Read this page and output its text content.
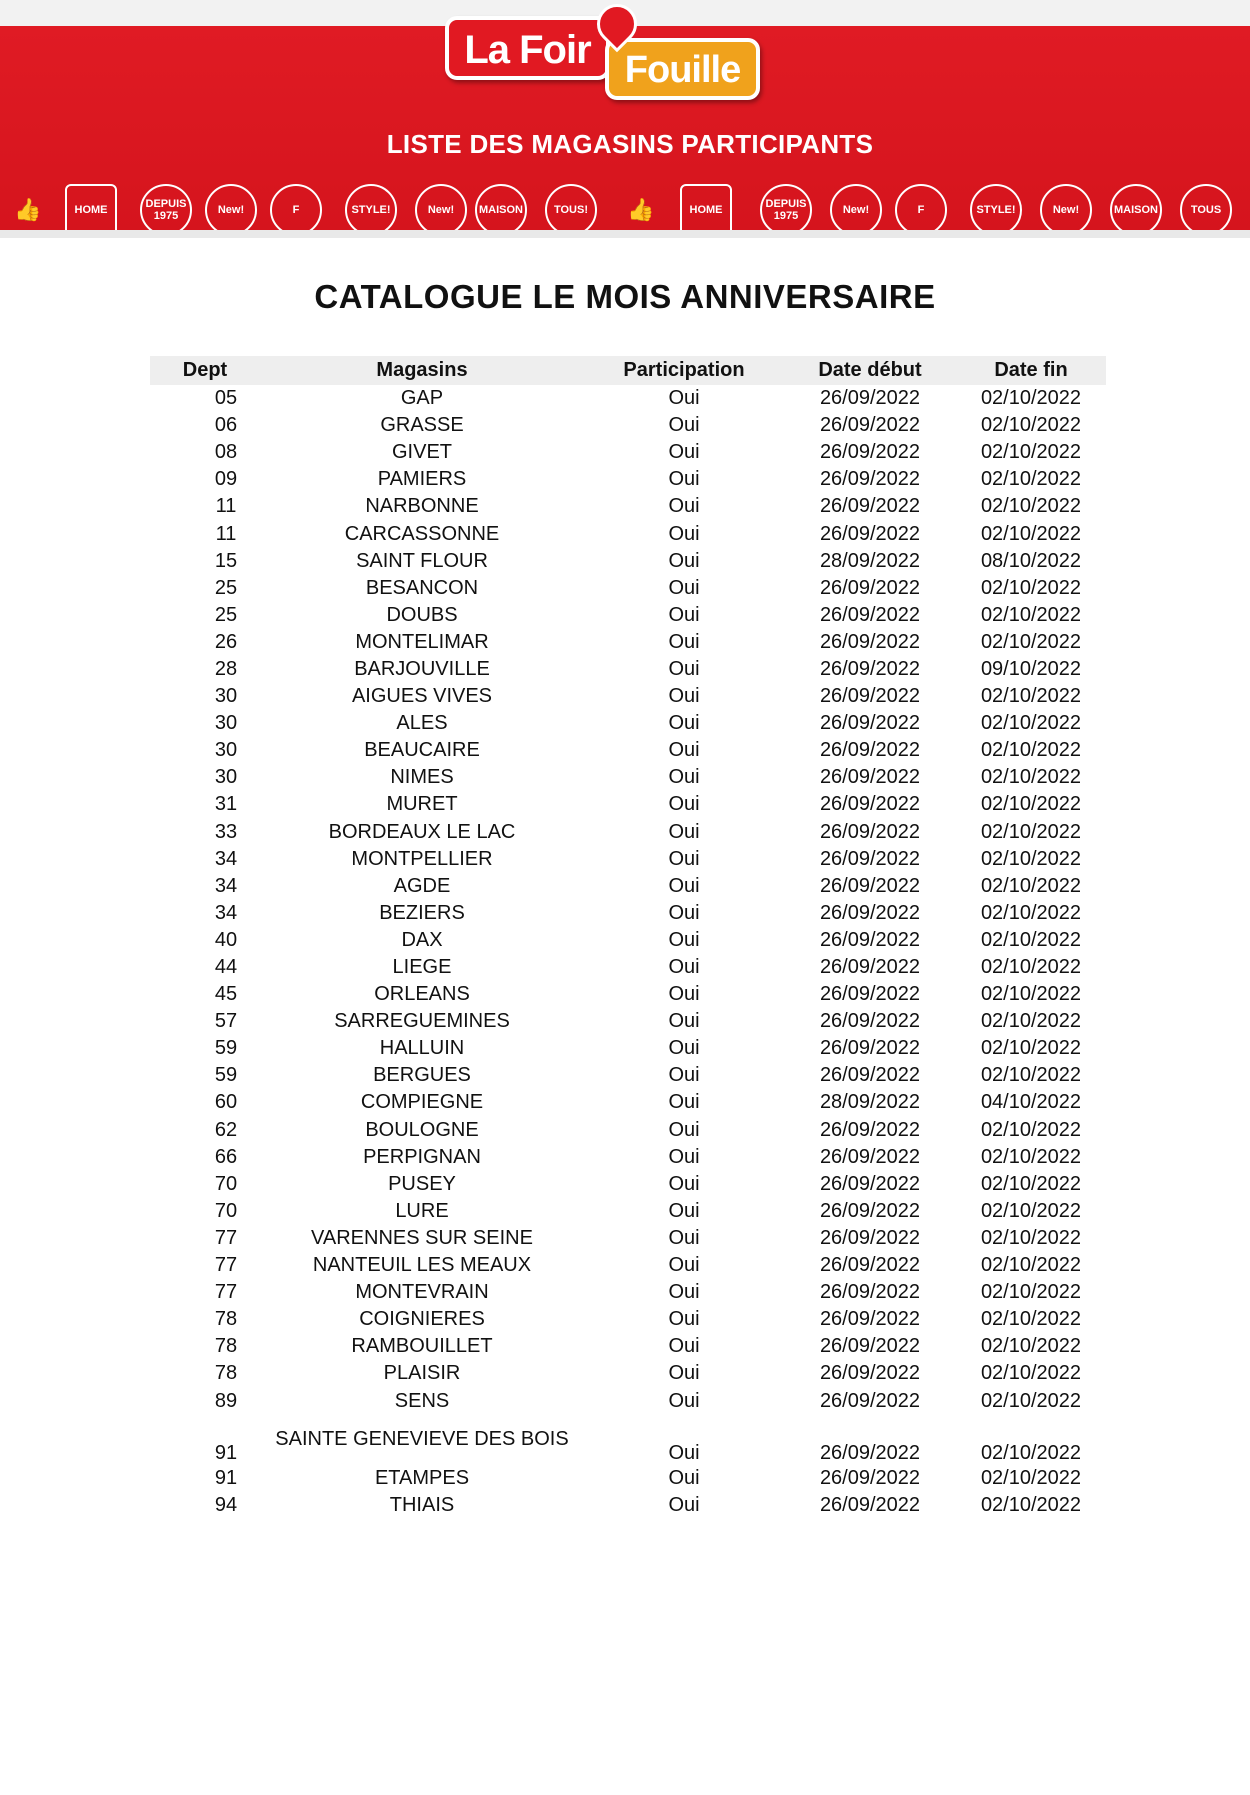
LISTE DES MAGASINS PARTICIPANTS
👍	HOME	DEPUIS 1975	New!	F	STYLE!	New! MAISON	TOUS! 👍	HOME	DEPUIS 1975	New!	F	STYLE!	New!	MAISON	TOUS
La Foir Fouille
CATALOGUE LE MOIS ANNIVERSAIRE
Dept	Magasins	Participation	Date début	Date fin
05	GAP	Oui	26/09/2022	02/10/2022
06	GRASSE	Oui	26/09/2022	02/10/2022
08	GIVET	Oui	26/09/2022	02/10/2022
09	PAMIERS	Oui	26/09/2022	02/10/2022
11	NARBONNE	Oui	26/09/2022	02/10/2022
11	CARCASSONNE	Oui	26/09/2022	02/10/2022
15	SAINT FLOUR	Oui	28/09/2022	08/10/2022
25	BESANCON	Oui	26/09/2022	02/10/2022
25	DOUBS	Oui	26/09/2022	02/10/2022
26	MONTELIMAR	Oui	26/09/2022	02/10/2022
28	BARJOUVILLE	Oui	26/09/2022	09/10/2022
30	AIGUES VIVES	Oui	26/09/2022	02/10/2022
30	ALES	Oui	26/09/2022	02/10/2022
30	BEAUCAIRE	Oui	26/09/2022	02/10/2022
30	NIMES	Oui	26/09/2022	02/10/2022
31	MURET	Oui	26/09/2022	02/10/2022
33	BORDEAUX LE LAC	Oui	26/09/2022	02/10/2022
34	MONTPELLIER	Oui	26/09/2022	02/10/2022
34	AGDE	Oui	26/09/2022	02/10/2022
34	BEZIERS	Oui	26/09/2022	02/10/2022
40	DAX	Oui	26/09/2022	02/10/2022
44	LIEGE	Oui	26/09/2022	02/10/2022
45	ORLEANS	Oui	26/09/2022	02/10/2022
57	SARREGUEMINES	Oui	26/09/2022	02/10/2022
59	HALLUIN	Oui	26/09/2022	02/10/2022
59	BERGUES	Oui	26/09/2022	02/10/2022
60	COMPIEGNE	Oui	28/09/2022	04/10/2022
62	BOULOGNE	Oui	26/09/2022	02/10/2022
66	PERPIGNAN	Oui	26/09/2022	02/10/2022
70	PUSEY	Oui	26/09/2022	02/10/2022
70	LURE	Oui	26/09/2022	02/10/2022
77	VARENNES SUR SEINE	Oui	26/09/2022	02/10/2022
77	NANTEUIL LES MEAUX	Oui	26/09/2022	02/10/2022
77	MONTEVRAIN	Oui	26/09/2022	02/10/2022
78	COIGNIERES	Oui	26/09/2022	02/10/2022
78	RAMBOUILLET	Oui	26/09/2022	02/10/2022
78	PLAISIR	Oui	26/09/2022	02/10/2022
89	SENS	Oui	26/09/2022	02/10/2022
91	SAINTE GENEVIEVE DES BOIS	Oui	26/09/2022	02/10/2022
91	ETAMPES	Oui	26/09/2022	02/10/2022
94	THIAIS	Oui	26/09/2022	02/10/2022
